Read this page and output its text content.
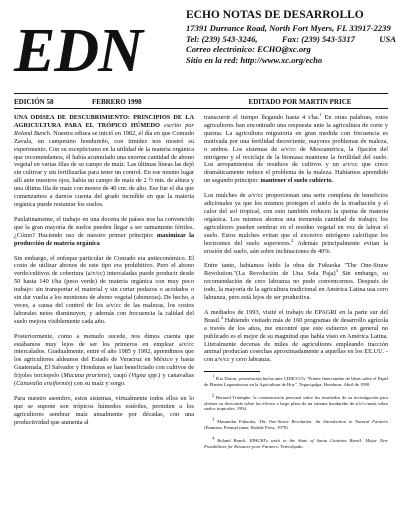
EDN
ECHO NOTAS DE DESARROLLO
17391 Durrance Road, North Fort Myers, FL 33917-2239
Tel: (239) 543-3246,	Fax: (239) 543-5317	USA
Correo electrónico: ECHO@xc.org
Sitio en la red: http://www.xc.org/echo
EDICIÓN 58	FEBRERO 1998	EDITADO POR MARTIN PRICE

UNA ODISEA DE DESCUBRIMIENTO: PRINCIPIOS DE LA AGRICULTURA PARA EL TRÓPICO HÚMEDO escrito por Roland Bunch. Nuestra odisea se inició en 1982, el día en que Conrado Zavala, un campesino hondureño, con timidez nos mostró su experimento. Con su escepticismo en la utilidad de la materia orgánica que recomendamos, él había acumulado una enorme cantidad de abono vegetal en varias filas de su campo de maíz. Las últimas líneas las dejó sin cultivar y sin fertilizarlas para tener un control. En ese mismo lugar allí ante nuestros ojos, había un campo de maíz de 2 ½ mts. de altura y una última fila de maíz con menos de 40 cm. de alto. Ese fue el día que comenzamos a darnos cuenta del grado increíble en que la materia orgánica puede restaurar los suelos.

Paulatinamente, el trabajo en una docena de países nos ha convencido que la gran mayoría de suelos pueden llegar a ser sumamente fértiles. ¿Cómo? Haciendo uso de nuestro primer principio: maximizar la producción de materia orgánica

Sin embargo, el enfoque particular de Conrado era antieconómico. El costo de utilizar abonos de este tipo era prohibitivo. Pero el abono verde/cultivos de cobertura (a/v/cc) intercaladas puede producir desde 50 hasta 140 t/ha (peso verde) de materia orgánica con muy poco trabajo: sin transportar el material y sin cortar pedazos o acodados o sin dar vuelta a los montones de abono vegetal (aboneras). De hecho, a veces, a causa del control de los a/v/cc de las malezas, los costos laborales netos disminuyen, y además con frecuencia la calidad del suelo mejora visiblemente cada año.

Posteriormente, como a menudo sucede, nos dimos cuenta que estábamos muy lejos de ser los primeros en emplear a/v/cc intercalados. Gradualmente, entre el año 1985 y 1992, aprendimos que los agricultores aldeanos del Estado de Veracruz en México y hasta Guatemala, El Salvador y Honduras se han beneficiado con cultivos de frijoles terciopelo (Mucuna pruriens), caupí (Vigna spp.) y canavalias (Canavalia ensiformis) con su maíz y sorgo.

Para nuestro asombro, estos sistemas, virtualmente todos ellos en lo que se supone son trópicos húmedos estériles, permiten a los agricultores sembrar maíz anualmente por décadas, con una productividad que aumenta al

transcurrir el tiempo llegando hasta 4 t/ha.$^1$ En otras palabras, estos agricultores han encontrado una respuesta ante la agricultura de corte y quema. La agricultura migratoria en gran medida con frecuencia es motivada por una fertilidad decreciente, mayores problemas de maleza, o ambos. Los sistemas de a/v/cc de Mesoamérica, la fijación del nitrógeno y el reciclaje de la biomasa mantiene la fertilidad del suelo. Los arropamientos de residuos de cultivos y un a/v/cc que crece dramáticamente reduce el problema de la maleza. Habiamos aprendido un segundo principio: mantener el suelo cubierto.

Los mulches de a/v/cc proporcionan una serie completa de beneficios adicionales ya que los mismos protegen el suelo de la irradiación y el calor del sol tropical, con esto también reducen la quema de materia orgánica. Los mismos abonos una tremenda cantidad de trabajo; los agricultores pueden sembrar en el residuo vegetal en vez de labrar el suelo. Estos mulches evitan que el excesivo nitrógeno calcifique los horizontes del suelo superiores.$^2$ Además principalmente evitan la erosión del suelo, aún sobre inclinaciones de 40%.

Entre tanto, habíamos leído la obra de Fukuoka "The One-Straw Revolution."(La Revolución de Una Sola Paja)$^3$ Sin embargo, su recomendación de cero labranza no pudo convencernos. Después de todo, la mayoría de la agricultura tradicional en América Latina usa cero labranza, pero está lejos de ser productiva.

A mediados de 1993, visité el trabajo de EPAGRI en la parte sur del Brasil.$^4$ Habiendo visitado más de 160 programas de desarrollo agrícola a través de los años, me encontré que este esfuerzo en general no publicado es el mejor de su magnitud que había visto en América Latina. Literalmente decenas de miles de agricultores empleando tracción animal producían cosechas aproximadamente a aquellas en los EE.UU. - con a/v/cc y cero labranza.

$^1$ Elio Duron, presentación hecha ante CIDICCO's "Primer Intercambio de Ideas sobre el Papel de Plantas Leguminosas en la Agricultura de Hoy", Tegucigalpa, Honduras. Abril de 1990.

$^2$ Bernard Triomphe, la comunicación personal sobre los resultados de su investigación para obtener su doctorado sobre los efectos a largo plazo de un sistema hondureño de a/v/cc/maíz sobre suelos tropicales. 1994.

$^3$ Masanobu Fukuoka, The One-Straw Revolution. An Introduction to Natural Farmers (Emmaus, Pennsylvania: Rodale Press. 1978).

$^4$ Roland Bunch. EPAGRI's work in the State of Santa Catarina Brazil: Major New Possibilities for Resource poor Farmers. Tetecolpado.
